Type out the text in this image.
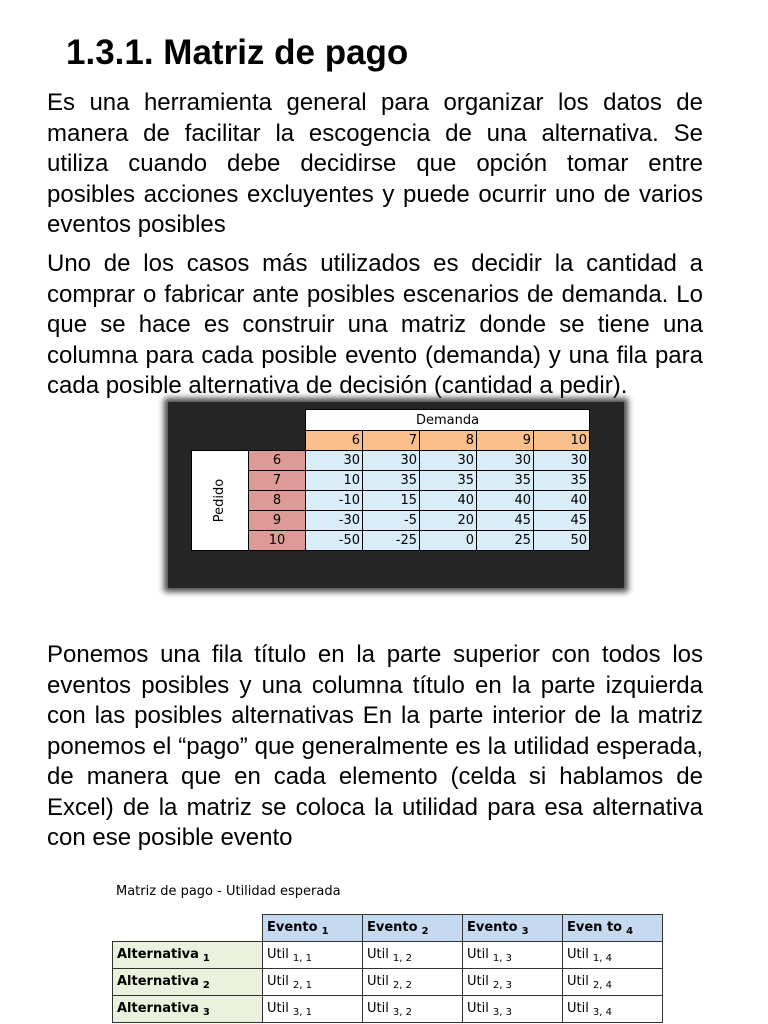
1.3.1. Matriz de pago

Es una herramienta general para organizar los datos de manera de facilitar la escogencia de una alternativa. Se utiliza cuando debe decidirse que opción tomar entre posibles acciones excluyentes y puede ocurrir uno de varios eventos posibles

Uno de los casos más utilizados es decidir la cantidad a comprar o fabricar ante posibles escenarios de demanda. Lo que se hace es construir una matriz donde se tiene una columna para cada posible evento (demanda) y una fila para cada posible alternativa de decisión (cantidad a pedir).

		Demanda				
		6	7	8	9	10
Pedido	6	30	30	30	30	30
	7	10	35	35	35	35
	8	-10	15	40	40	40
	9	-30	-5	20	45	45
	10	-50	-25	0	25	50

Ponemos una fila título en la parte superior con todos los eventos posibles y una columna título en la parte izquierda con las posibles alternativas En la parte interior de la matriz ponemos el “pago” que generalmente es la utilidad esperada, de manera que en cada elemento (celda si hablamos de Excel) de la matriz se coloca la utilidad para esa alternativa con ese posible evento

Matriz de pago - Utilidad esperada

	Evento $_1$	Evento $_2$	Evento $_3$	Even to $_4$
Alternativa $_1$	Util $_{1, 1}$	Util $_{1, 2}$	Util $_{1, 3}$	Util $_{1, 4}$
Alternativa $_2$	Util $_{2, 1}$	Util $_{2, 2}$	Util $_{2, 3}$	Util $_{2, 4}$
Alternativa $_3$	Util $_{3, 1}$	Util $_{3, 2}$	Util $_{3, 3}$	Util $_{3, 4}$
